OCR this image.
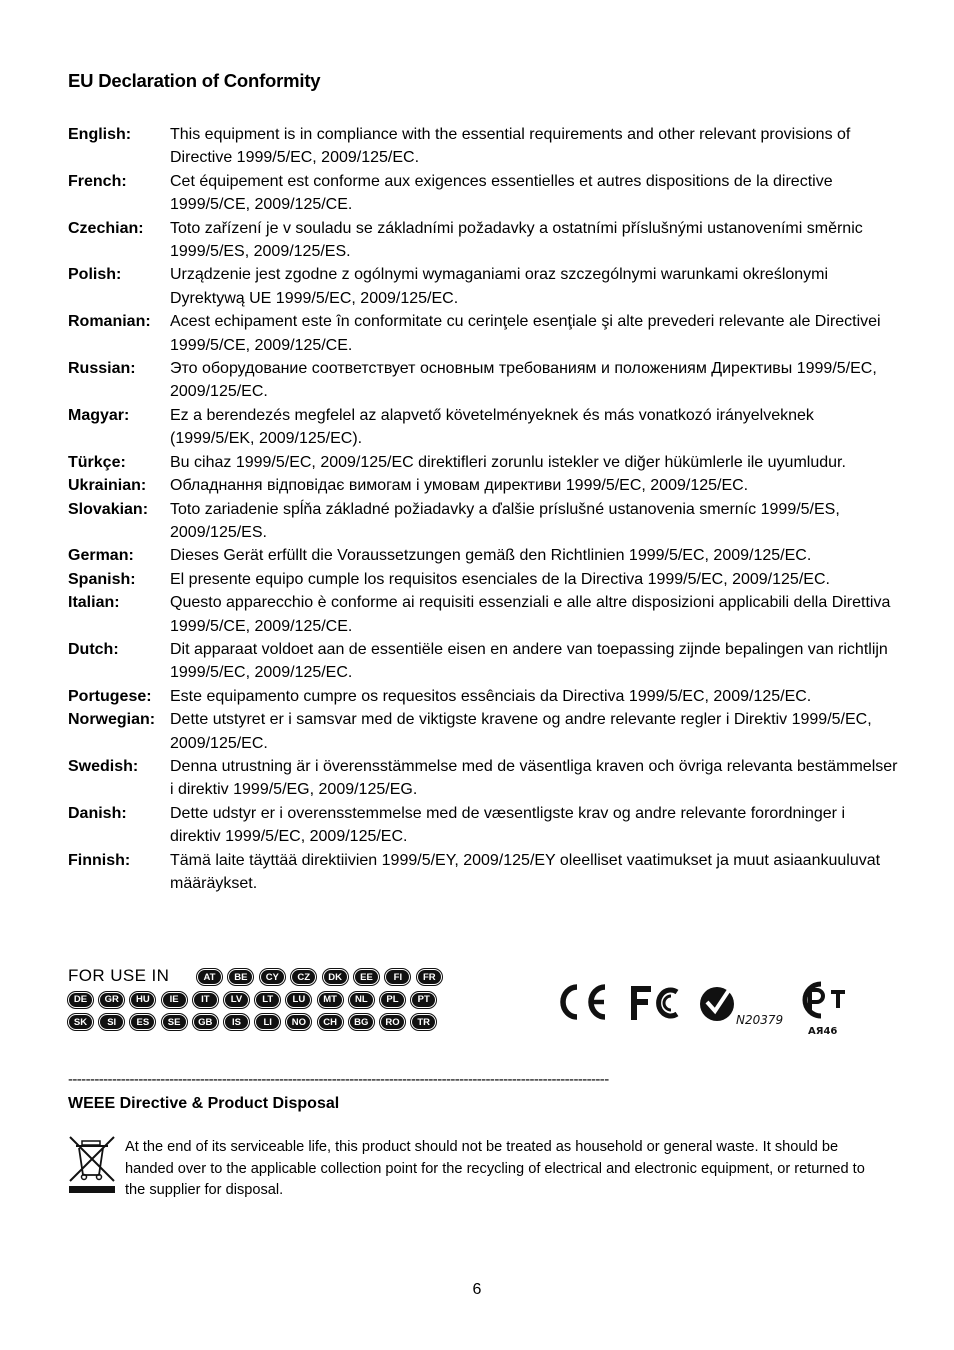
EU Declaration of Conformity
English:	This equipment is in compliance with the essential requirements and other relevant provisions of Directive 1999/5/EC, 2009/125/EC.
French:	Cet équipement est conforme aux exigences essentielles et autres dispositions de la directive 1999/5/CE, 2009/125/CE.
Czechian:	Toto zařízení je v souladu se základními požadavky a ostatními příslušnými ustanoveními směrnic 1999/5/ES, 2009/125/ES.
Polish:	Urządzenie jest zgodne z ogólnymi wymaganiami oraz szczególnymi warunkami określonymi Dyrektywą UE 1999/5/EC, 2009/125/EC.
Romanian:	Acest echipament este în conformitate cu cerinţele esenţiale şi alte prevederi relevante ale Directivei 1999/5/CE, 2009/125/CE.
Russian:	Это оборудование соответствует основным требованиям и положениям Директивы 1999/5/EC, 2009/125/EC.
Magyar:	Ez a berendezés megfelel az alapvető követelményeknek és más vonatkozó irányelveknek (1999/5/EK, 2009/125/EC).
Türkçe:	Bu cihaz 1999/5/EC, 2009/125/EC direktifleri zorunlu istekler ve diğer hükümlerle ile uyumludur.
Ukrainian:	Обладнання відповідає вимогам і умовам директиви 1999/5/EC, 2009/125/EC.
Slovakian:	Toto zariadenie spĺňa základné požiadavky a ďalšie príslušné ustanovenia smerníc 1999/5/ES, 2009/125/ES.
German:	Dieses Gerät erfüllt die Voraussetzungen gemäß den Richtlinien 1999/5/EC, 2009/125/EC.
Spanish:	El presente equipo cumple los requisitos esenciales de la Directiva 1999/5/EC, 2009/125/EC.
Italian:	Questo apparecchio è conforme ai requisiti essenziali e alle altre disposizioni applicabili della Direttiva 1999/5/CE, 2009/125/CE.
Dutch:	Dit apparaat voldoet aan de essentiële eisen en andere van toepassing zijnde bepalingen van richtlijn 1999/5/EC, 2009/125/EC.
Portugese:	Este equipamento cumpre os requesitos essênciais da Directiva 1999/5/EC, 2009/125/EC.
Norwegian: Dette utstyret er i samsvar med de viktigste kravene og andre relevante regler i Direktiv 1999/5/EC, 2009/125/EC.
Swedish:	Denna utrustning är i överensstämmelse med de väsentliga kraven och övriga relevanta bestämmelser i direktiv 1999/5/EG, 2009/125/EG.
Danish:	Dette udstyr er i overensstemmelse med de væsentligste krav og andre relevante forordninger i direktiv 1999/5/EC, 2009/125/EC.
Finnish:	Tämä laite täyttää direktiivien 1999/5/EY, 2009/125/EY oleelliset vaatimukset ja muut asiaankuuluvat määräykset.
FOR USE IN	AT	BE	CY	CZ	DK	EE	FI	FR
DE	GR	HU	IE	IT	LV	LT	LU	MT	NL	PL	PT
SK	SI	ES	SE	GB	IS	LI	NO	CH	BG	RO	TR	N20379
АЯ46
---------------------------------------------------------------------------------------------------------------------------
WEEE Directive & Product Disposal
At the end of its serviceable life, this product should not be treated as household or general waste. It should be handed over to the applicable collection point for the recycling of electrical and electronic equipment, or returned to the supplier for disposal.
6
